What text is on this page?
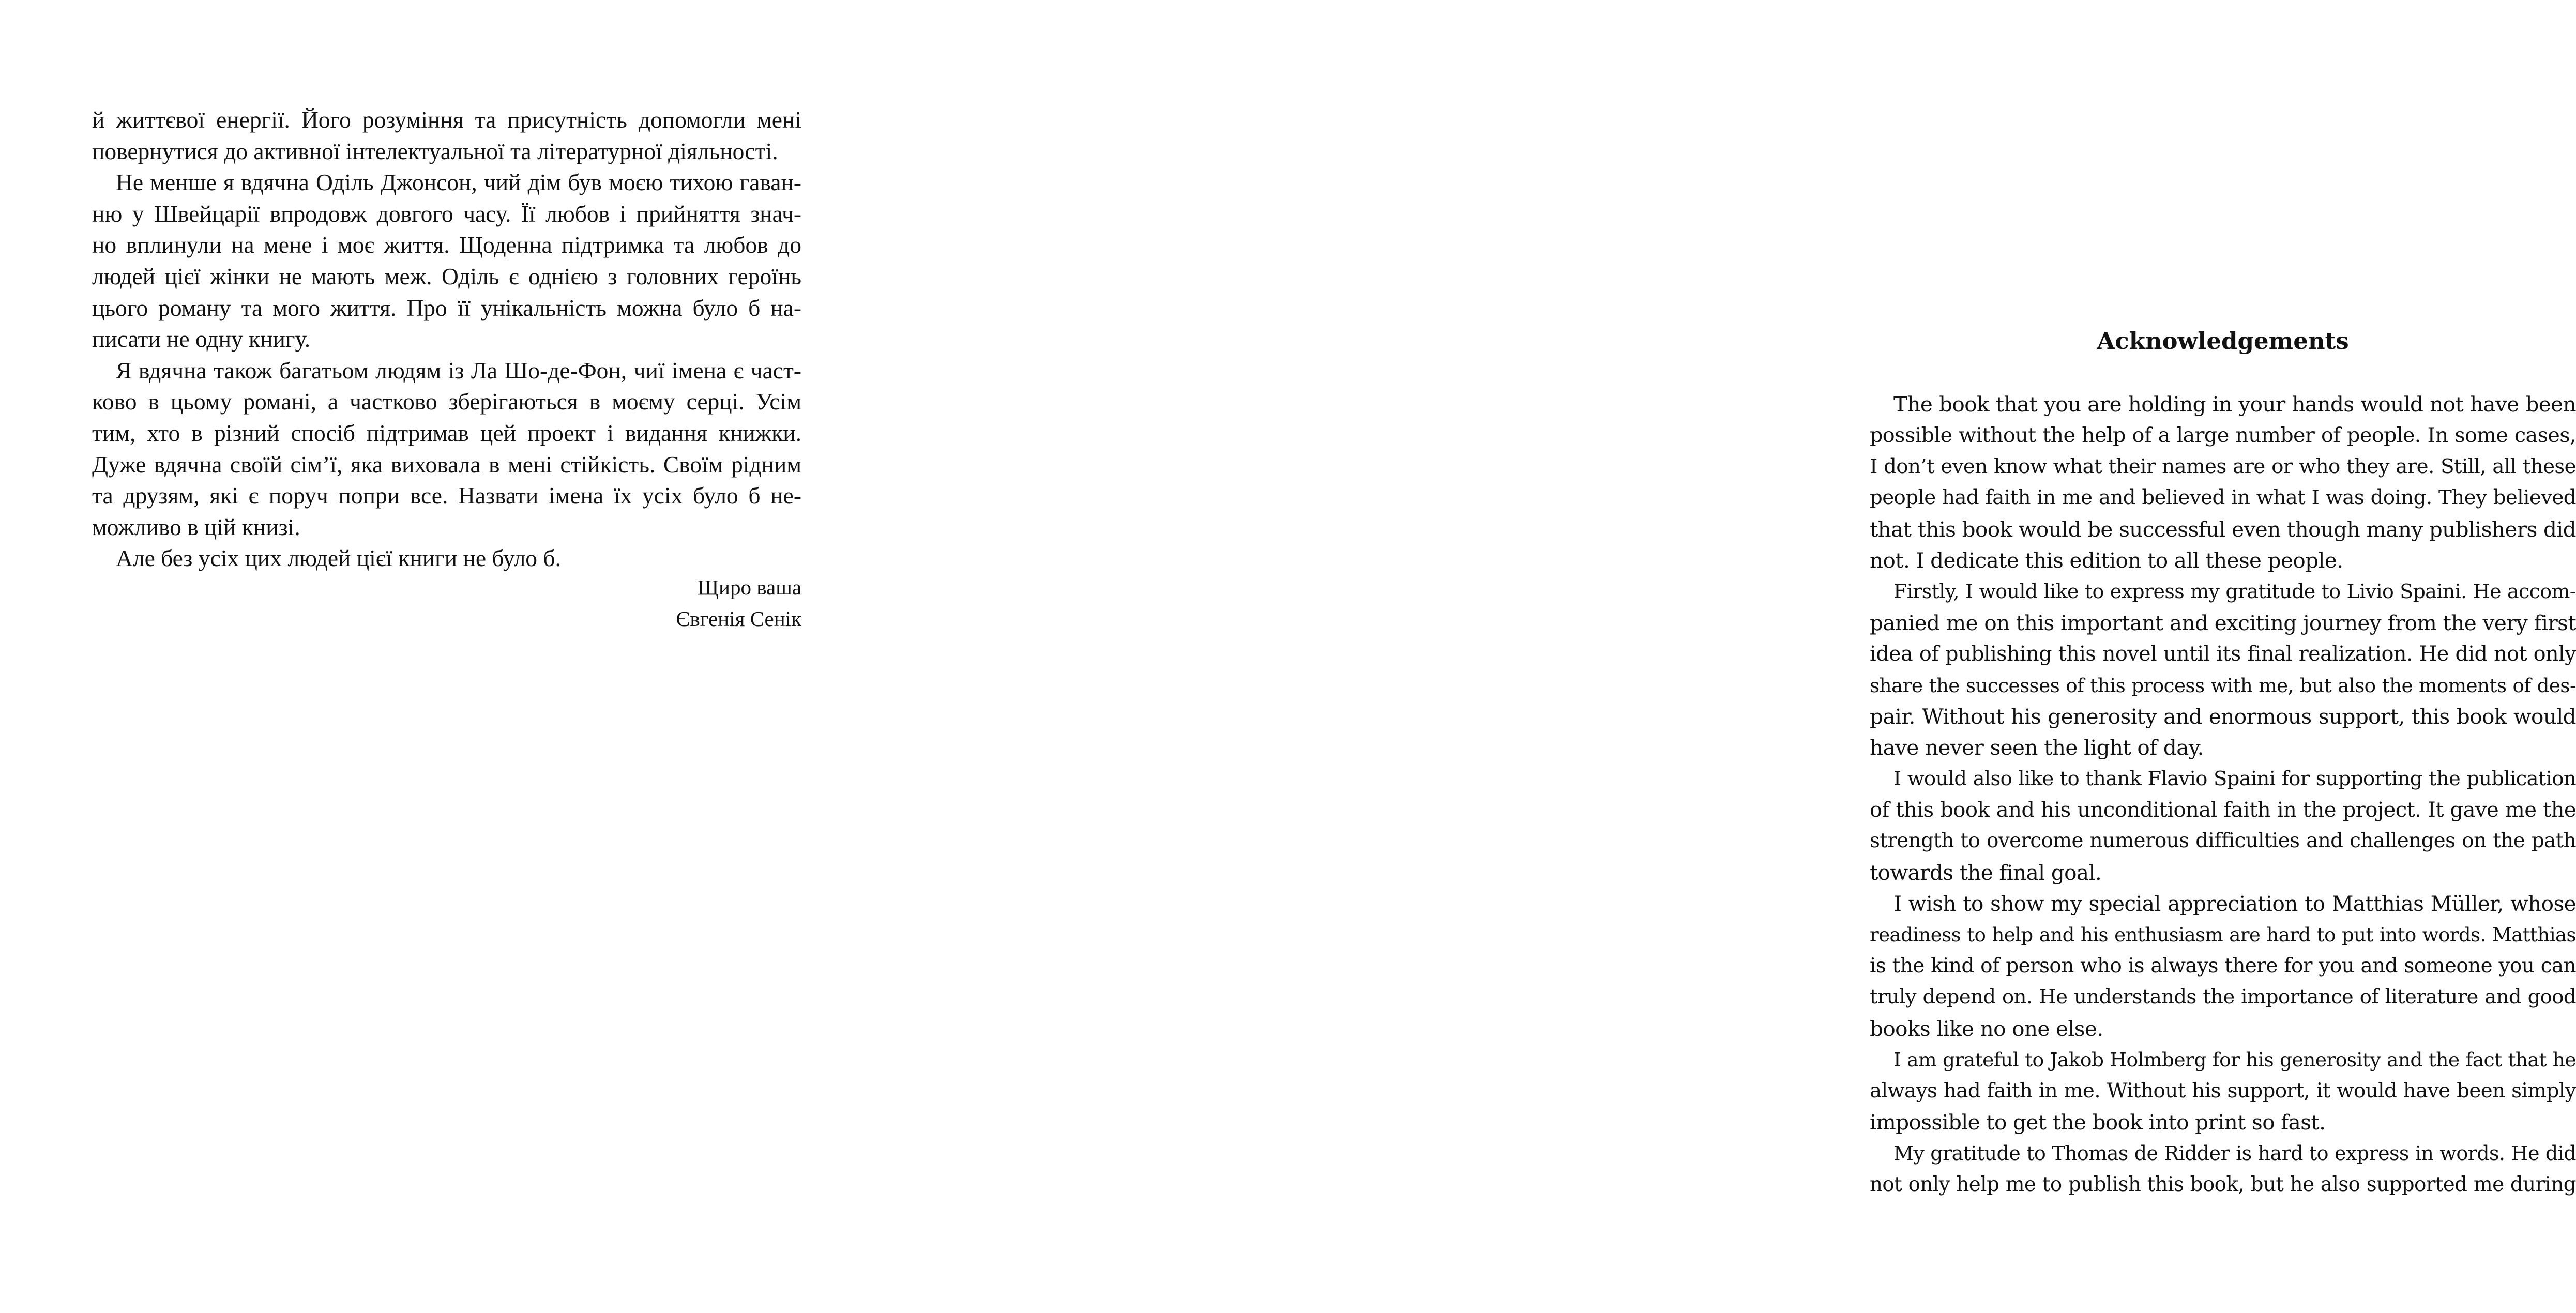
й життєвої енергії. Його розуміння та присутність допомогли мені
повернутися до активної інтелектуальної та літературної діяльності.
Не менше я вдячна Оділь Джонсон, чий дім був моєю тихою гаван-
ню у Швейцарії впродовж довгого часу. Її любов і прийняття знач-
но вплинули на мене і моє життя. Щоденна підтримка та любов до
людей цієї жінки не мають меж. Оділь є однією з головних героїнь
цього роману та мого життя. Про її унікальність можна було б на-
писати не одну книгу.
Я вдячна також багатьом людям із Ла Шо-де-Фон, чиї імена є част-
ково в цьому романі, а частково зберігаються в моєму серці. Усім
тим, хто в різний спосіб підтримав цей проект і видання книжки.
Дуже вдячна своїй сім’ї, яка виховала в мені стійкість. Своїм рідним
та друзям, які є поруч попри все. Назвати імена їх усіх було б не-
можливо в цій книзі.
Але без усіх цих людей цієї книги не було б.
Щиро ваша
Євгенія Сенік
Acknowledgements
The book that you are holding in your hands would not have been
possible without the help of a large number of people. In some cases,
I don’t even know what their names are or who they are. Still, all these
people had faith in me and believed in what I was doing. They believed
that this book would be successful even though many publishers did
not. I dedicate this edition to all these people.
Firstly, I would like to express my gratitude to Livio Spaini. He accom-
panied me on this important and exciting journey from the very first
idea of publishing this novel until its final realization. He did not only
share the successes of this process with me, but also the moments of des-
pair. Without his generosity and enormous support, this book would
have never seen the light of day.
I would also like to thank Flavio Spaini for supporting the publication
of this book and his unconditional faith in the project. It gave me the
strength to overcome numerous difficulties and challenges on the path
towards the final goal.
I wish to show my special appreciation to Matthias Müller, whose
readiness to help and his enthusiasm are hard to put into words. Matthias
is the kind of person who is always there for you and someone you can
truly depend on. He understands the importance of literature and good
books like no one else.
I am grateful to Jakob Holmberg for his generosity and the fact that he
always had faith in me. Without his support, it would have been simply
impossible to get the book into print so fast.
My gratitude to Thomas de Ridder is hard to express in words. He did
not only help me to publish this book, but he also supported me during
